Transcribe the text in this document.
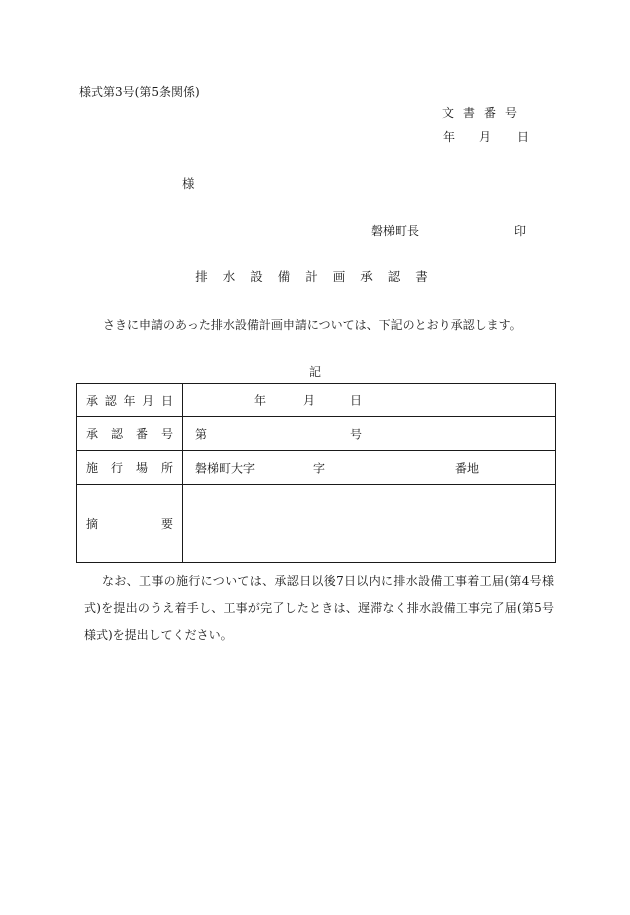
様式第3号(第5条関係)
文書番号
年 月 日
様
磐梯町長	印
排水設備計画承認書
さきに申請のあった排水設備計画申請については、下記のとおり承認します。
記
承 認 年 月 日	年 月 日

承 認 番 号	第 号

施 行 場 所	磐梯町大字 字 番地

摘 要	

なお、工事の施行については、承認日以後7日以内に排水設備工事着工届(第4号様式)を提出のうえ着手し、工事が完了したときは、遅滞なく排水設備工事完了届(第5号様式)を提出してください。
